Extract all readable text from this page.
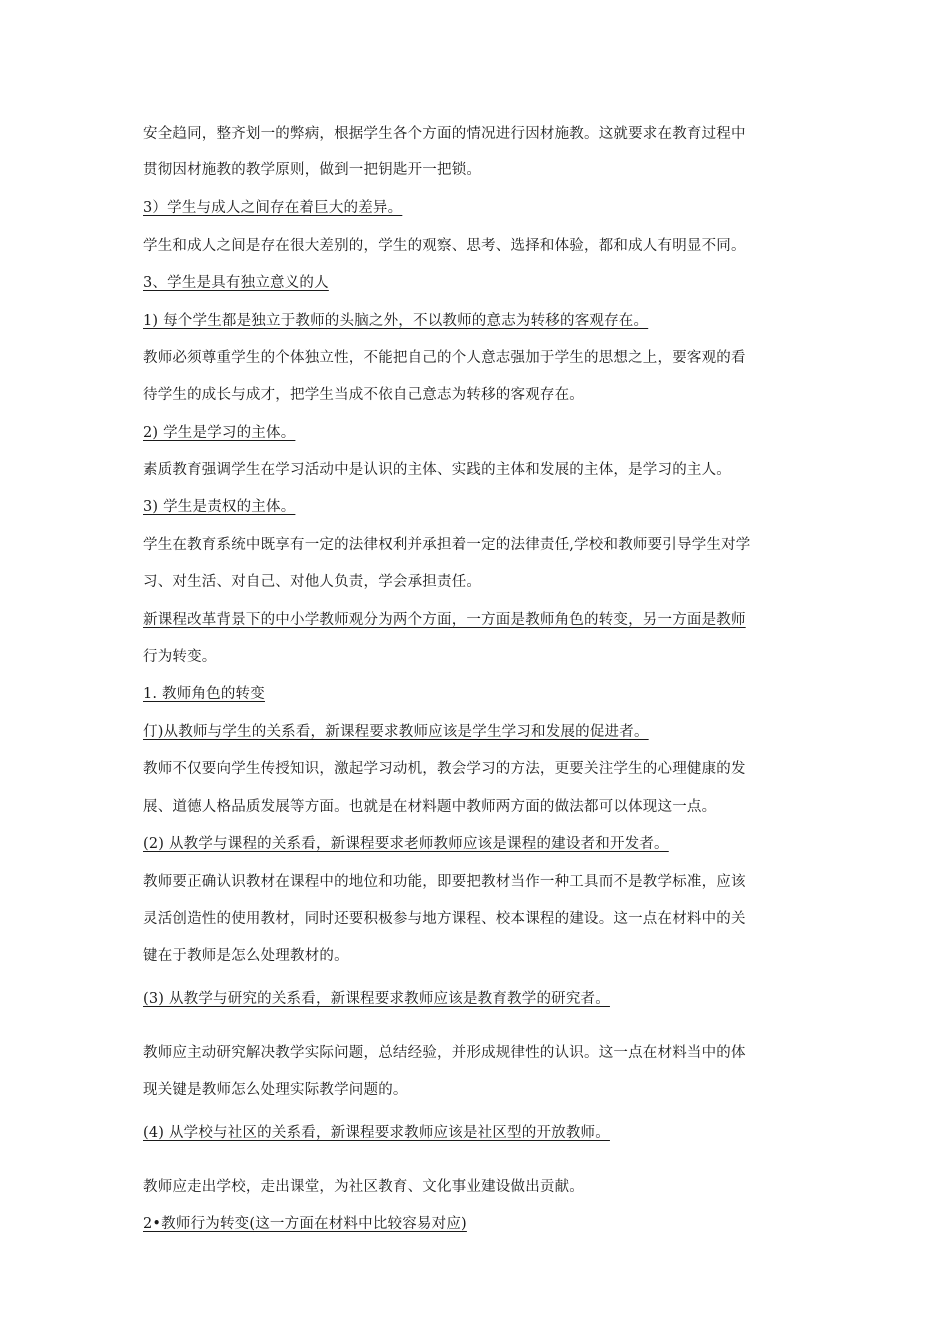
安全趋同，整齐划一的弊病，根据学生各个方面的情况进行因材施教。这就要求在教育过程中
贯彻因材施教的教学原则，做到一把钥匙开一把锁。
3）学生与成人之间存在着巨大的差异。
学生和成人之间是存在很大差别的，学生的观察、思考、选择和体验，都和成人有明显不同。
3、学生是具有独立意义的人
1) 每个学生都是独立于教师的头脑之外，不以教师的意志为转移的客观存在。
教师必须尊重学生的个体独立性，不能把自己的个人意志强加于学生的思想之上，要客观的看
待学生的成长与成才，把学生当成不依自己意志为转移的客观存在。
2) 学生是学习的主体。
素质教育强调学生在学习活动中是认识的主体、实践的主体和发展的主体，是学习的主人。
3) 学生是责权的主体。
学生在教育系统中既享有一定的法律权利并承担着一定的法律责任,学校和教师要引导学生对学
习、对生活、对自己、对他人负责，学会承担责任。
新课程改革背景下的中小学教师观分为两个方面，一方面是教师角色的转变，另一方面是教师
行为转变。
1. 教师角色的转变
仃)从教师与学生的关系看，新课程要求教师应该是学生学习和发展的促进者。
教师不仅要向学生传授知识，激起学习动机，教会学习的方法，更要关注学生的心理健康的发
展、道德人格品质发展等方面。也就是在材料题中教师两方面的做法都可以体现这一点。
(2) 从教学与课程的关系看，新课程要求老师教师应该是课程的建设者和开发者。
教师要正确认识教材在课程中的地位和功能，即要把教材当作一种工具而不是教学标准，应该
灵活创造性的使用教材，同时还要积极参与地方课程、校本课程的建设。这一点在材料中的关
键在于教师是怎么处理教材的。
(3) 从教学与研究的关系看，新课程要求教师应该是教育教学的研究者。
教师应主动研究解决教学实际问题，总结经验，并形成规律性的认识。这一点在材料当中的体
现关键是教师怎么处理实际教学问题的。
(4) 从学校与社区的关系看，新课程要求教师应该是社区型的开放教师。
教师应走出学校，走出课堂，为社区教育、文化事业建设做出贡献。
2•教师行为转变(这一方面在材料中比较容易对应)
